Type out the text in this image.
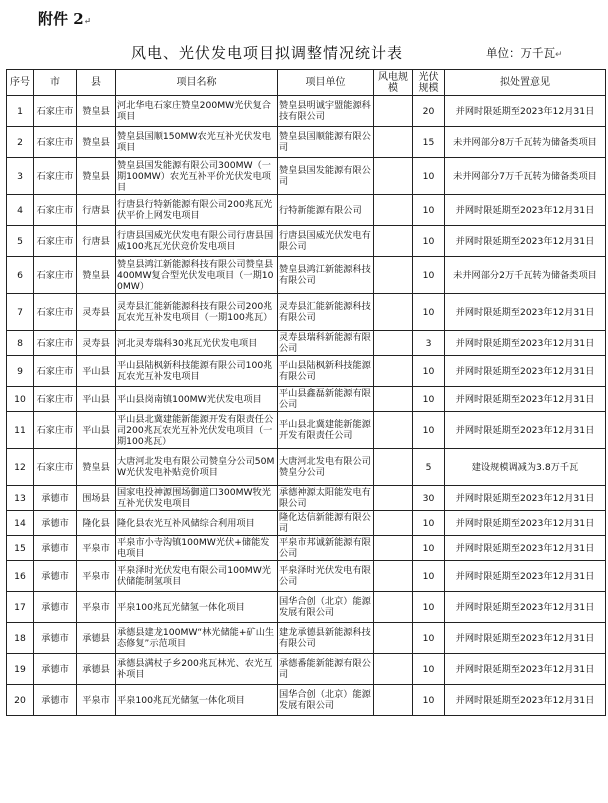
附件 2↵
风电、光伏发电项目拟调整情况统计表	单位：万千瓦↵
序号	市	县	项目名称	项目单位	风电规模	光伏规模	拟处置意见
1	石家庄市	赞皇县	河北华电石家庄赞皇200MW光伏复合项目	赞皇县明诚宇盟能源科技有限公司		20	并网时限延期至2023年12月31日
2	石家庄市	赞皇县	赞皇县国顺150MW农光互补光伏发电项目	赞皇县国顺能源有限公司		15	未并网部分8万千瓦转为储备类项目
3	石家庄市	赞皇县	赞皇县国发能源有限公司300MW（一期100MW）农光互补平价光伏发电项目	赞皇县国发能源有限公司		10	未并网部分7万千瓦转为储备类项目
4	石家庄市	行唐县	行唐县行特新能源有限公司200兆瓦光伏平价上网发电项目	行特新能源有限公司		10	并网时限延期至2023年12月31日
5	石家庄市	行唐县	行唐县国威光伏发电有限公司行唐县国威100兆瓦光伏竞价发电项目	行唐县国威光伏发电有限公司		10	并网时限延期至2023年12月31日
6	石家庄市	赞皇县	赞皇县鸿江新能源科技有限公司赞皇县400MW复合型光伏发电项目（一期100MW）	赞皇县鸿江新能源科技有限公司		10	未并网部分2万千瓦转为储备类项目
7	石家庄市	灵寿县	灵寿县汇能新能源科技有限公司200兆瓦农光互补发电项目（一期100兆瓦）	灵寿县汇能新能源科技有限公司		10	并网时限延期至2023年12月31日
8	石家庄市	灵寿县	河北灵寿瑞科30兆瓦光伏发电项目	灵寿县瑞科新能源有限公司		3	并网时限延期至2023年12月31日
9	石家庄市	平山县	平山县陆枫新科技能源有限公司100兆瓦农光互补发电项目	平山县陆枫新科技能源有限公司		10	并网时限延期至2023年12月31日
10	石家庄市	平山县	平山县岗南镇100MW光伏发电项目	平山县鑫磊新能源有限公司		10	并网时限延期至2023年12月31日
11	石家庄市	平山县	平山县北冀建能新能源开发有限责任公司200兆瓦农光互补光伏发电项目（一期100兆瓦）	平山县北冀建能新能源开发有限责任公司		10	并网时限延期至2023年12月31日
12	石家庄市	赞皇县	大唐河北发电有限公司赞皇分公司50MW光伏发电补贴竞价项目	大唐河北发电有限公司赞皇分公司		5	建设规模调减为3.8万千瓦
13	承德市	围场县	国家电投神源围场御道口300MW牧光互补光伏发电项目	承德神源太阳能发电有限公司		30	并网时限延期至2023年12月31日
14	承德市	隆化县	隆化县农光互补风储综合利用项目	隆化达信新能源有限公司		10	并网时限延期至2023年12月31日
15	承德市	平泉市	平泉市小寺沟镇100MW光伏+储能发电项目	平泉市邦诚新能源有限公司		10	并网时限延期至2023年12月31日
16	承德市	平泉市	平泉泽时光伏发电有限公司100MW光伏储能制氢项目	平泉泽时光伏发电有限公司		10	并网时限延期至2023年12月31日
17	承德市	平泉市	平泉100兆瓦光储氢一体化项目	国华合创（北京）能源发展有限公司		10	并网时限延期至2023年12月31日
18	承德市	承德县	承德县建龙100MW“林光储能+矿山生态修复”示范项目	建龙承德县新能源科技有限公司		10	并网时限延期至2023年12月31日
19	承德市	承德县	承德县满杖子乡200兆瓦林光、农光互补项目	承德番能新能源有限公司		10	并网时限延期至2023年12月31日
20	承德市	平泉市	平泉100兆瓦光储氢一体化项目	国华合创（北京）能源发展有限公司		10	并网时限延期至2023年12月31日
